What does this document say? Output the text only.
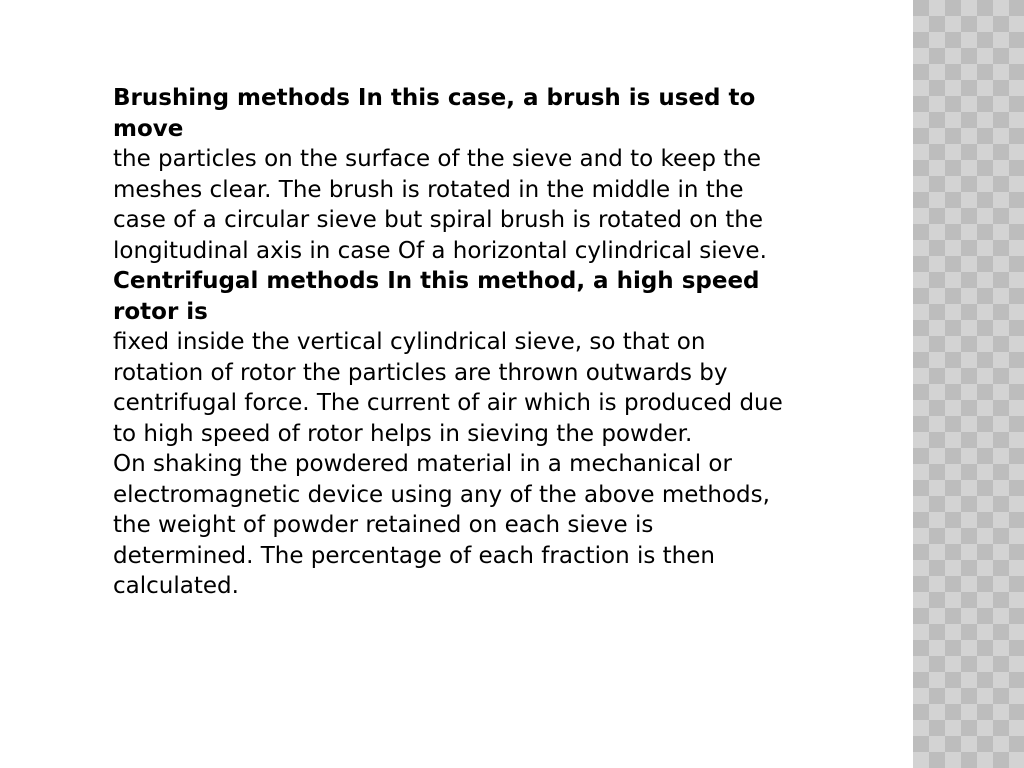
Brushing methods In this case, a brush is used to move

the particles on the surface of the sieve and to keep the meshes clear. The brush is rotated in the middle in the case of a circular sieve but spiral brush is rotated on the longitudinal axis in case Of a horizontal cylindrical sieve.

Centrifugal methods In this method, a high speed rotor is

fixed inside the vertical cylindrical sieve, so that on rotation of rotor the particles are thrown outwards by centrifugal force. The current of air which is produced due to high speed of rotor helps in sieving the powder.

On shaking the powdered material in a mechanical or electromagnetic device using any of the above methods,

the weight of powder retained on each sieve is determined. The percentage of each fraction is then calculated.
